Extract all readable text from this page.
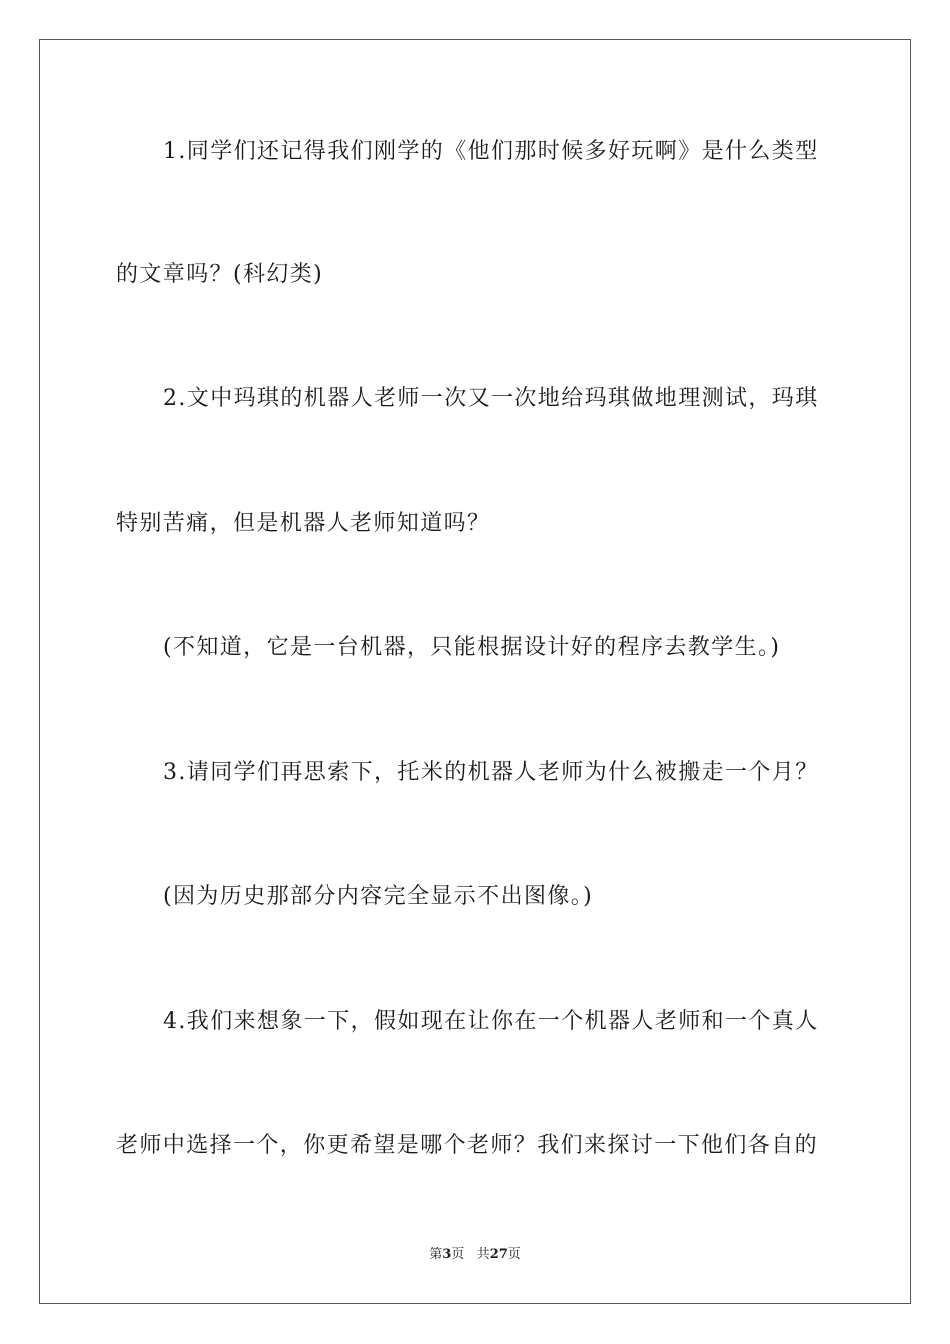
1.同学们还记得我们刚学的《他们那时候多好玩啊》是什么类型
的文章吗？(科幻类)
2.文中玛琪的机器人老师一次又一次地给玛琪做地理测试，玛琪
特别苦痛，但是机器人老师知道吗？
(不知道，它是一台机器，只能根据设计好的程序去教学生。)
3.请同学们再思索下，托米的机器人老师为什么被搬走一个月？
(因为历史那部分内容完全显示不出图像。)
4.我们来想象一下，假如现在让你在一个机器人老师和一个真人
老师中选择一个，你更希望是哪个老师？我们来探讨一下他们各自的
第3页 共27页
